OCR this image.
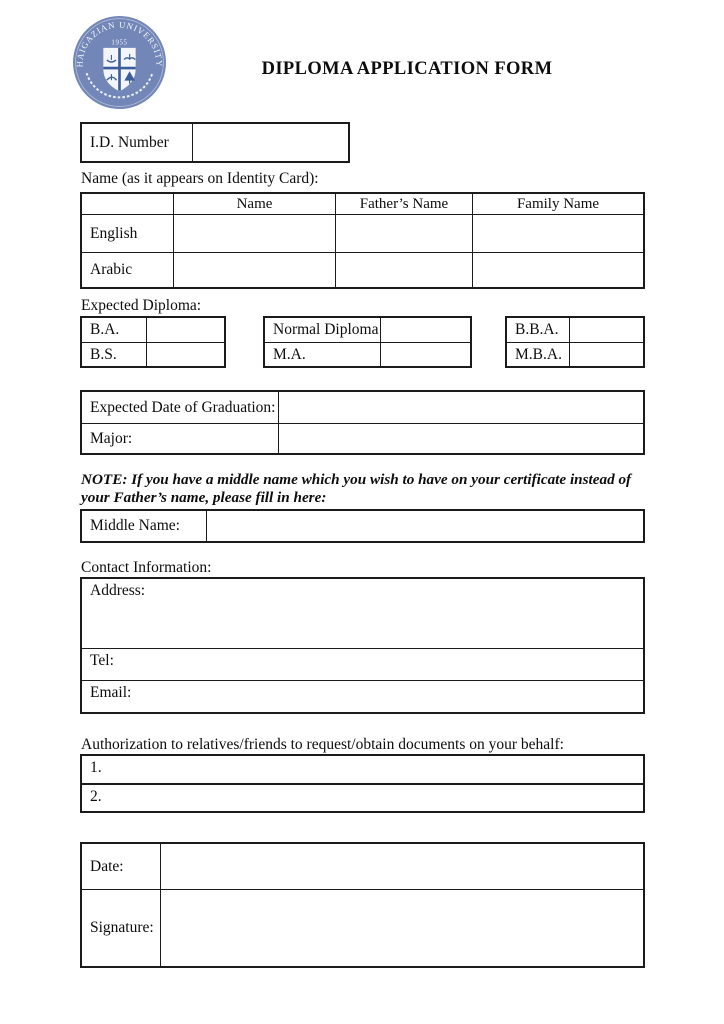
HAIGAZIAN UNIVERSITY
1955
DIPLOMA APPLICATION FORM
I.D. Number
Name (as it appears on Identity Card):
Name	Father’s Name	Family Name
English
Arabic
Expected Diploma:
B.A.
B.S.
Normal Diploma
M.A.
B.B.A.
M.B.A.
Expected Date of Graduation:
Major:
NOTE: If you have a middle name which you wish to have on your certificate instead of your Father’s name, please fill in here:
Middle Name:
Contact Information:
Address:
Tel:
Email:
Authorization to relatives/friends to request/obtain documents on your behalf:
1.
2.
Date:
Signature:
